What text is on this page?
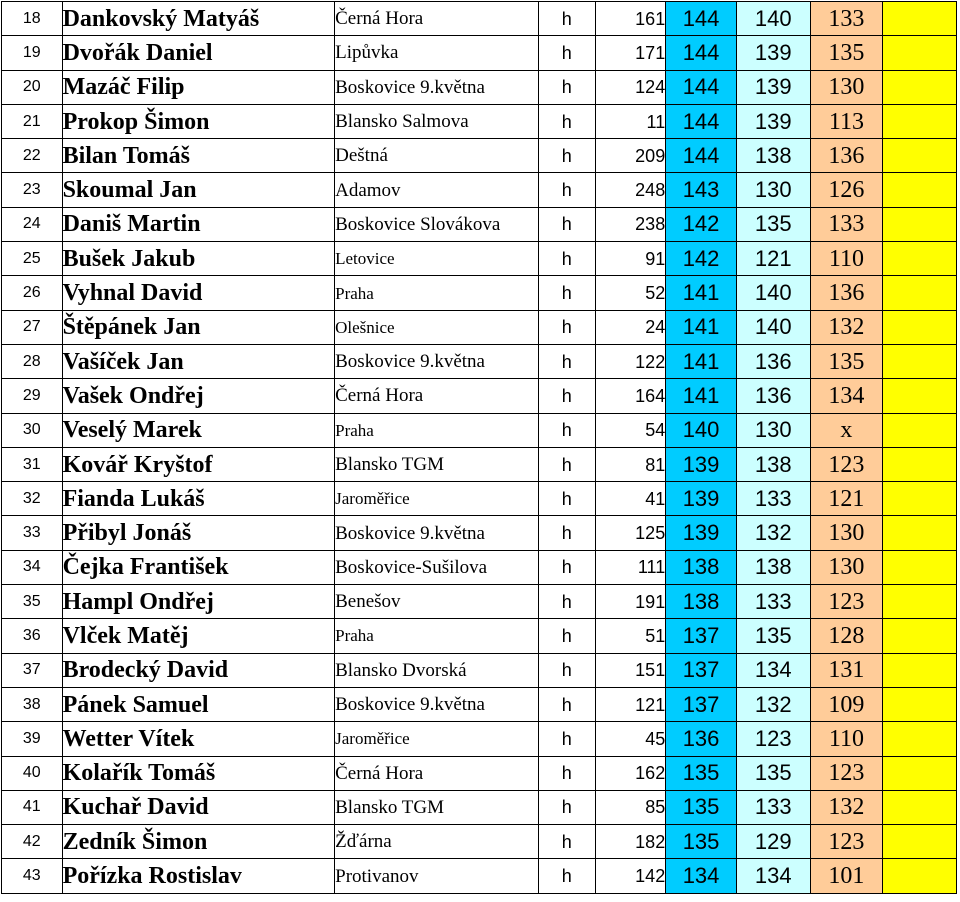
18	Dankovský Matyáš	Černá Hora	h	161	144	140	133	
19	Dvořák Daniel	Lipůvka	h	171	144	139	135	
20	Mazáč Filip	Boskovice 9.května	h	124	144	139	130	
21	Prokop Šimon	Blansko Salmova	h	11	144	139	113	
22	Bilan Tomáš	Deštná	h	209	144	138	136	
23	Skoumal Jan	Adamov	h	248	143	130	126	
24	Daniš Martin	Boskovice Slovákova	h	238	142	135	133	
25	Bušek Jakub	Letovice	h	91	142	121	110	
26	Vyhnal David	Praha	h	52	141	140	136	
27	Štěpánek Jan	Olešnice	h	24	141	140	132	
28	Vašíček Jan	Boskovice 9.května	h	122	141	136	135	
29	Vašek Ondřej	Černá Hora	h	164	141	136	134	
30	Veselý Marek	Praha	h	54	140	130	x	
31	Kovář Kryštof	Blansko TGM	h	81	139	138	123	
32	Fianda Lukáš	Jaroměřice	h	41	139	133	121	
33	Přibyl Jonáš	Boskovice 9.května	h	125	139	132	130	
34	Čejka František	Boskovice-Sušilova	h	111	138	138	130	
35	Hampl Ondřej	Benešov	h	191	138	133	123	
36	Vlček Matěj	Praha	h	51	137	135	128	
37	Brodecký David	Blansko Dvorská	h	151	137	134	131	
38	Pánek Samuel	Boskovice 9.května	h	121	137	132	109	
39	Wetter Vítek	Jaroměřice	h	45	136	123	110	
40	Kolařík Tomáš	Černá Hora	h	162	135	135	123	
41	Kuchař David	Blansko TGM	h	85	135	133	132	
42	Zedník Šimon	Žďárna	h	182	135	129	123	
43	Pořízka Rostislav	Protivanov	h	142	134	134	101	
